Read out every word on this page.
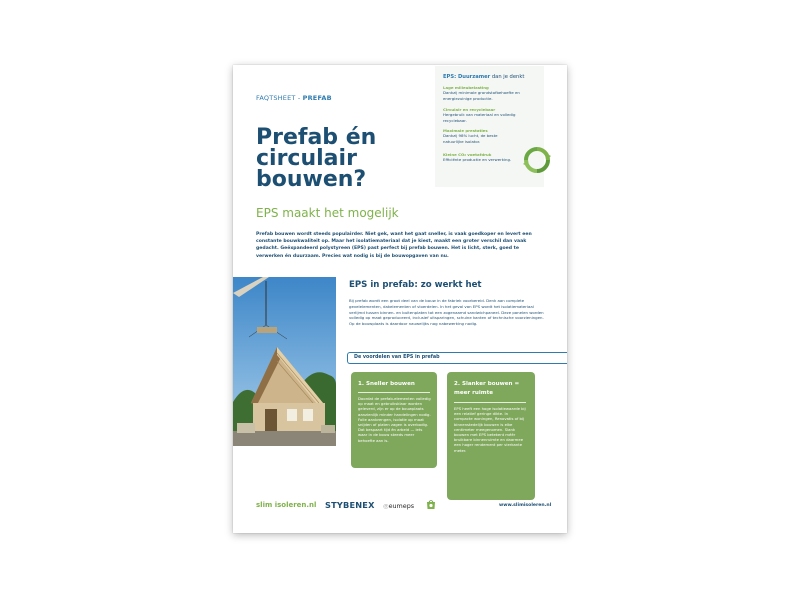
FAQTSHEET - PREFAB
Prefab én
circulair
bouwen?
EPS maakt het mogelijk
Prefab bouwen wordt steeds populairder. Niet gek, want het gaat sneller, is vaak goedkoper en levert een constante bouwkwaliteit op. Maar het isolatiemateriaal dat je kiest, maakt een groter verschil dan vaak gedacht. Geëxpandeerd polystyreen (EPS) past perfect bij prefab bouwen. Het is licht, sterk, goed te verwerken én duurzaam. Precies wat nodig is bij de bouwopgaven van nu.
EPS: Duurzamer dan je denkt
Lage milieubelasting
Dankzij minimale grondstofbehoefte en energiezuinige productie.
Circulair en recyclebaar
Hergebruik van materiaal en volledig recyclebaar.
Maximale prestaties
Dankzij 98% lucht, de beste natuurlijke isolator.
Kleine CO₂ voetafdruk
Efficiënte productie en verwerking.
EPS in prefab: zo werkt het
Bij prefab wordt een groot deel van de bouw in de fabriek voorbereid. Denk aan complete gevelelementen, dakelementen of vloerdelen. In het geval van EPS wordt het isolatiemateriaal verlijmd tussen binnen- en buitenplaten tot een zogenaamd sandwichpaneel. Deze panelen worden volledig op maat geproduceerd, inclusief uitsparingen, schuine kanten of technische voorzieningen. Op de bouwplaats is daardoor nauwelijks nog nabewerking nodig.
De voordelen van EPS in prefab
1. Sneller bouwen
Doordat de prefab-elementen volledig op maat en gebruiksklaar worden geleverd, zijn er op de bouwplaats aanzienlijk minder handelingen nodig. Folie aanbrengen, isolatie op maat snijden of platen zagen is overbodig. Dat bespaart tijd én arbeid — iets waar in de bouw steeds meer behoefte aan is.
2. Slanker bouwen = meer ruimte
EPS heeft een hoge isolatiewaarde bij een relatief geringe dikte. In compacte woningen, Renovatis of bij binnenstedelijk bouwen is elke centimeter meegenomen. Slank bouwen met EPS betekent méér bruikbare binnenruimte en daarmee een hoger rendement per vierkante meter.
slim isoleren.nl STYBENEX ◎eumeps	www.slimisoleren.nl
